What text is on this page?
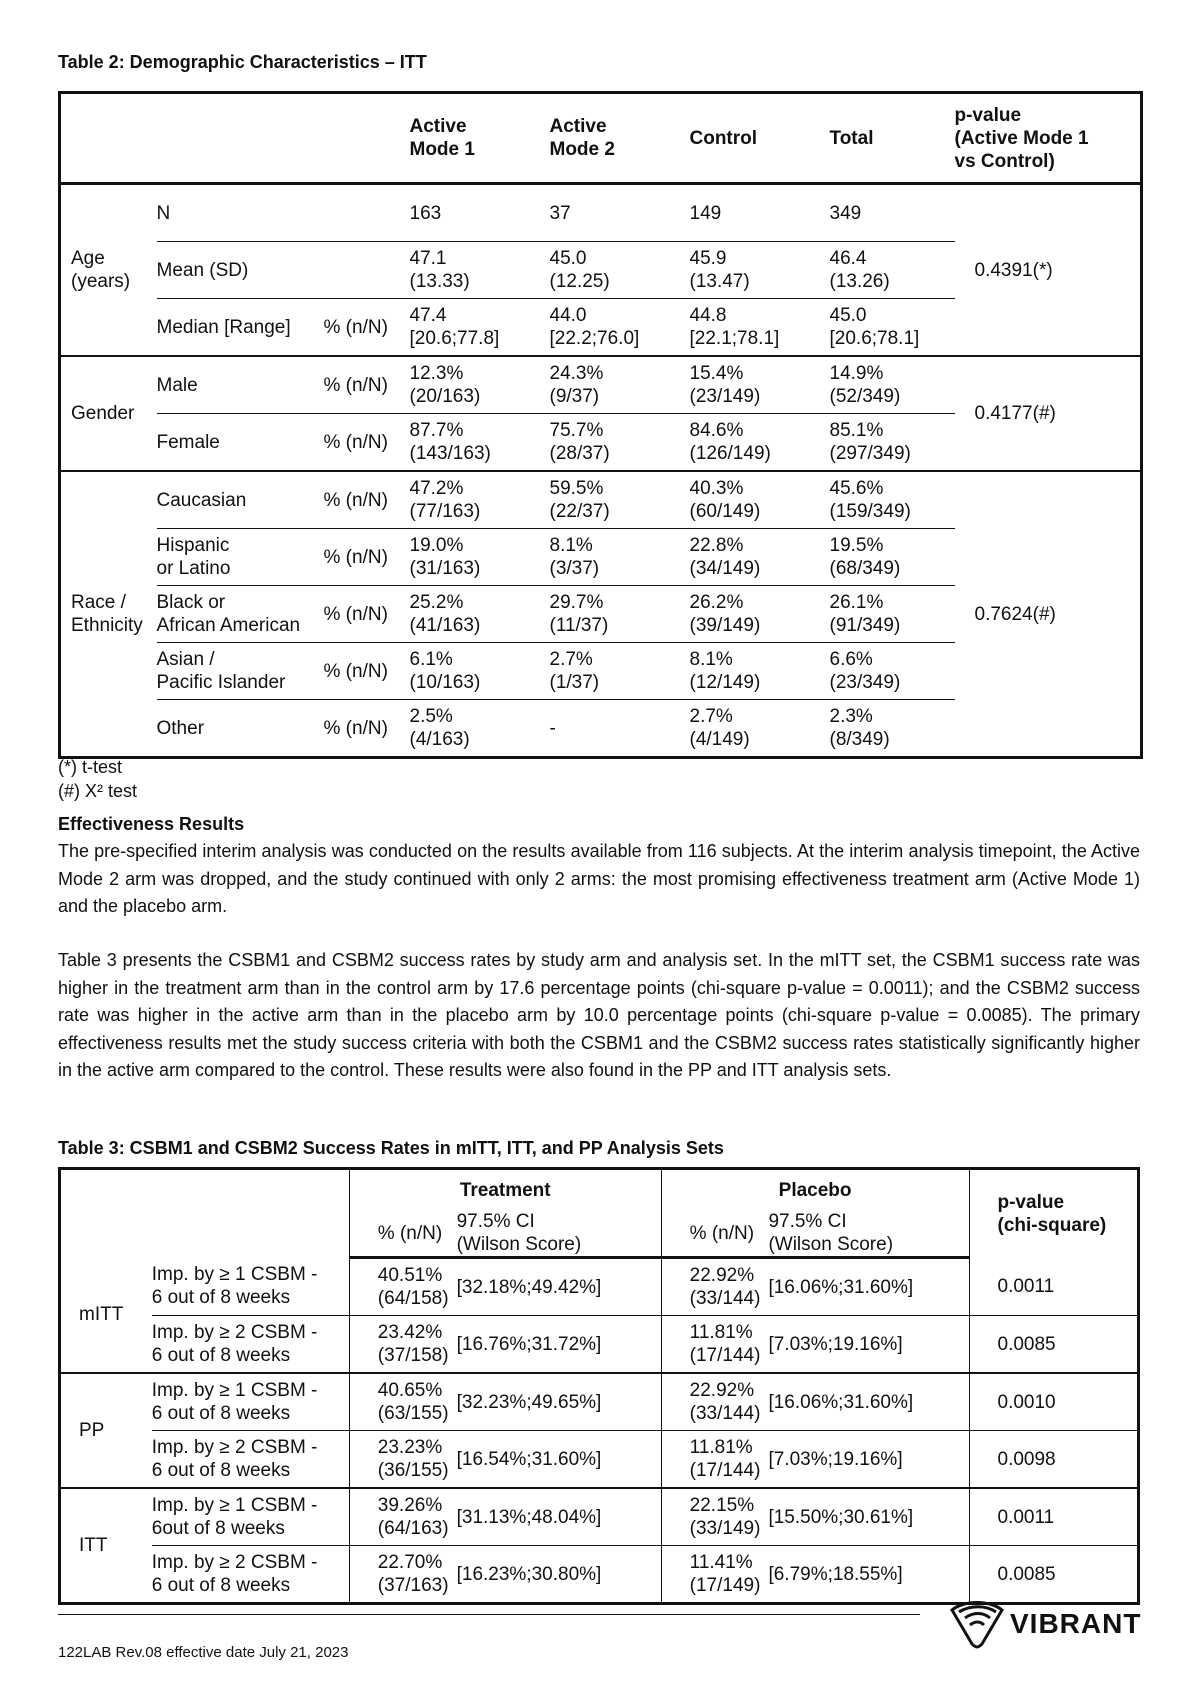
Table 2: Demographic Characteristics – ITT

			Active
Mode 1	Active
Mode 2	Control	Total	p-value
(Active Mode 1
vs Control)

Age
(years)	N		163	37	149	349	0.4391(*)
	Mean (SD)		47.1
(13.33)	45.0
(12.25)	45.9
(13.47)	46.4
(13.26)	

	Median [Range]	% (n/N)	47.4
[20.6;77.8]	44.0
[22.2;76.0]	44.8
[22.1;78.1]	45.0
[20.6;78.1]	

Gender	Male	% (n/N)	12.3%
(20/163)	24.3%
(9/37)	15.4%
(23/149)	14.9%
(52/349)	0.4177(#)
	Female	% (n/N)	87.7%
(143/163)	75.7%
(28/37)	84.6%
(126/149)	85.1%
(297/349)	

Race /
Ethnicity	Caucasian	% (n/N)	47.2%
(77/163)	59.5%
(22/37)	40.3%
(60/149)	45.6%
(159/349)	0.7624(#)

	Hispanic
or Latino	% (n/N)	19.0%
(31/163)	8.1%
(3/37)	22.8%
(34/149)	19.5%
(68/349)	

	Black or
African American	% (n/N)	25.2%
(41/163)	29.7%
(11/37)	26.2%
(39/149)	26.1%
(91/349)	

	Asian /
Pacific Islander	% (n/N)	6.1%
(10/163)	2.7%
(1/37)	8.1%
(12/149)	6.6%
(23/349)	

	Other	% (n/N)	2.5%
(4/163)	-	2.7%
(4/149)	2.3%
(8/349)	
(*) t-test
(#) X² test
Effectiveness Results
The pre-specified interim analysis was conducted on the results available from 116 subjects. At the interim analysis timepoint, the Active Mode 2 arm was dropped, and the study continued with only 2 arms: the most promising effectiveness treatment arm (Active Mode 1) and the placebo arm.
Table 3 presents the CSBM1 and CSBM2 success rates by study arm and analysis set. In the mITT set, the CSBM1 success rate was higher in the treatment arm than in the control arm by 17.6 percentage points (chi-square p-value = 0.0011); and the CSBM2 success rate was higher in the active arm than in the placebo arm by 10.0 percentage points (chi-square p-value = 0.0085). The primary effectiveness results met the study success criteria with both the CSBM1 and the CSBM2 success rates statistically significantly higher in the active arm compared to the control. These results were also found in the PP and ITT analysis sets.
Table 3: CSBM1 and CSBM2 Success Rates in mITT, ITT, and PP Analysis Sets
		Treatment		Placebo		p-value
(chi-square)

		% (n/N)	97.5% CI
(Wilson Score)	% (n/N)	97.5% CI
(Wilson Score)	

mITT	Imp. by ≥ 1 CSBM -
6 out of 8 weeks	40.51%
(64/158)	[32.18%;49.42%]	22.92%
(33/144)	[16.06%;31.60%]	0.0011

	Imp. by ≥ 2 CSBM -
6 out of 8 weeks	23.42%
(37/158)	[16.76%;31.72%]	11.81%
(17/144)	[7.03%;19.16%]	0.0085
PP	Imp. by ≥ 1 CSBM -
6 out of 8 weeks	40.65%
(63/155)	[32.23%;49.65%]	22.92%
(33/144)	[16.06%;31.60%]	0.0010

	Imp. by ≥ 2 CSBM -
6 out of 8 weeks	23.23%
(36/155)	[16.54%;31.60%]	11.81%
(17/144)	[7.03%;19.16%]	0.0098
ITT	Imp. by ≥ 1 CSBM -
6out of 8 weeks	39.26%
(64/163)	[31.13%;48.04%]	22.15%
(33/149)	[15.50%;30.61%]	0.0011

	Imp. by ≥ 2 CSBM -
6 out of 8 weeks	22.70%
(37/163)	[16.23%;30.80%]	11.41%
(17/149)	[6.79%;18.55%]	0.0085
122LAB Rev.08 effective date July 21, 2023
VIBRANT
